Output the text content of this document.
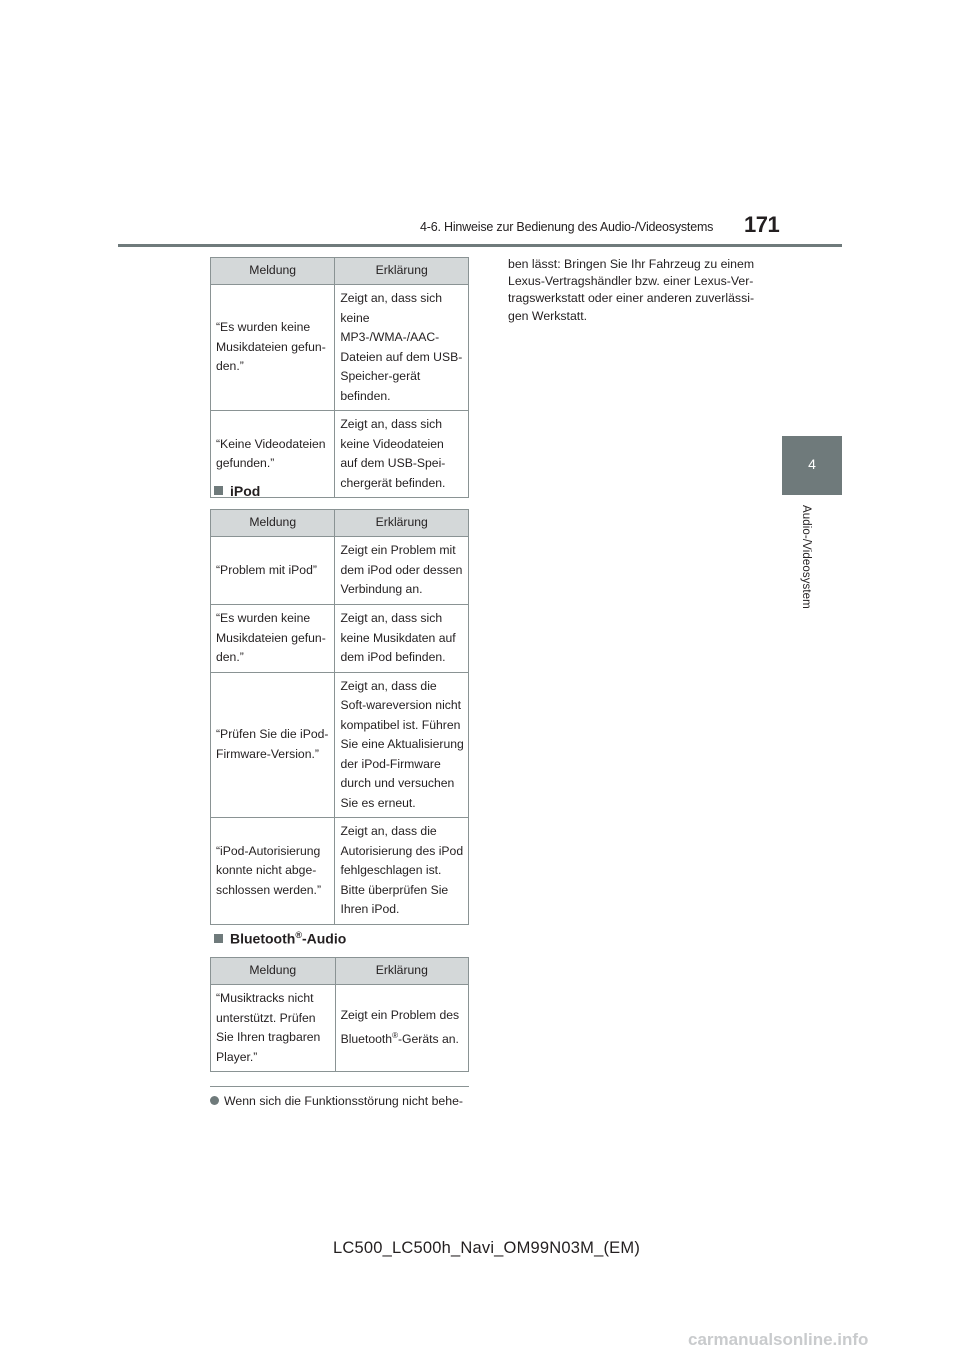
4-6. Hinweise zur Bedienung des Audio-/Videosystems 171
4
Audio-/Videosystem
Meldung	Erklärung
“Es wurden keine Musikdateien gefun-den.”	Zeigt an, dass sich keine MP3-/WMA-/AAC-Dateien auf dem USB-Speicher-gerät befinden.
“Keine Videodateien gefunden.”	Zeigt an, dass sich keine Videodateien auf dem USB-Spei-chergerät befinden.
iPod
Meldung	Erklärung
“Problem mit iPod”	Zeigt ein Problem mit dem iPod oder dessen Verbindung an.
“Es wurden keine Musikdateien gefun-den.”	Zeigt an, dass sich keine Musikdaten auf dem iPod befinden.
“Prüfen Sie die iPod-Firmware-Version.”	Zeigt an, dass die Soft-wareversion nicht kompatibel ist. Führen Sie eine Aktualisierung der iPod-Firmware durch und versuchen Sie es erneut.
“iPod-Autorisierung konnte nicht abge-schlossen werden.”	Zeigt an, dass die Autorisierung des iPod fehlgeschlagen ist. Bitte überprüfen Sie Ihren iPod.
Bluetooth®-Audio
Meldung	Erklärung
“Musiktracks nicht unterstützt. Prüfen Sie Ihren tragbaren Player.”	Zeigt ein Problem des Bluetooth®-Geräts an.
Wenn sich die Funktionsstörung nicht behe-
ben lässt: Bringen Sie Ihr Fahrzeug zu einem Lexus-Vertragshändler bzw. einer Lexus-Ver-tragswerkstatt oder einer anderen zuverlässi-gen Werkstatt.
LC500_LC500h_Navi_OM99N03M_(EM)
carmanualsonline.info
